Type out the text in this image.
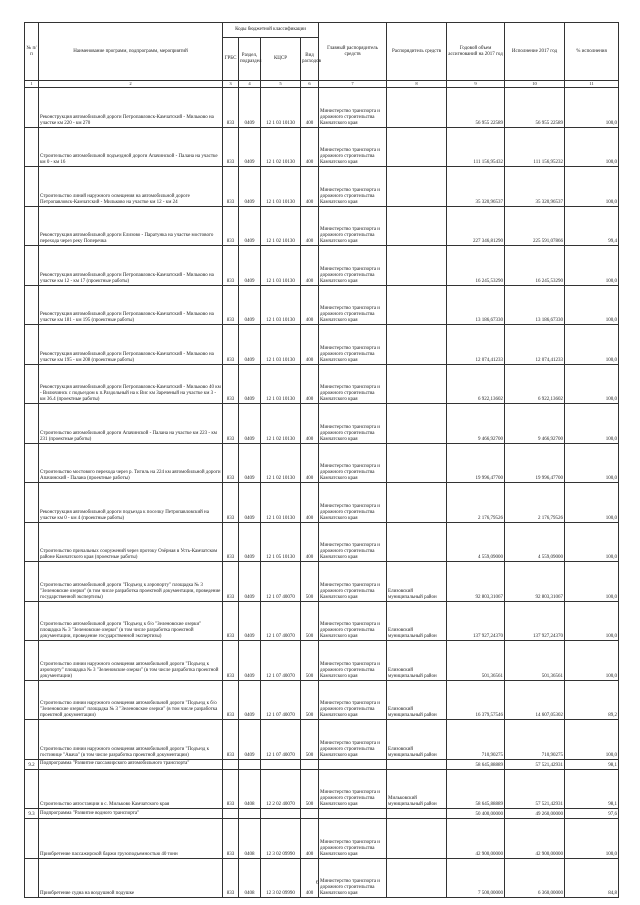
№ п/п	Наименование программ, подпрограмм, мероприятий	Коды бюджетной классификации				Главный распорядитель средств	Распорядитель средств	Годовой объем ассигнований на 2017 год	Исполнение 2017 год	% исполнения
		ГРБС	Раздел, подраздел	КЦСР	Вид расходов					
1	2	3	4	5	6	7	8	9	10	11
	Реконструкция автомобильной дороги Петропавловск-Камчатский - Мильково на участке км 220 - км 270	833	0409	12 1 03 10130	400	Министерство транспорта и дорожного строительства Камчатского края		56 955 22589	56 955 22589	100,0
	Строительство автомобильной подъездной дороги Апачинской - Палана на участке км 0 - км 16	833	0409	12 1 02 10130	400	Министерство транспорта и дорожного строительства Камчатского края		111 156,95432	111 156,95232	100,0
	Строительство линий наружного освещения на автомобильной дороге Петропавловск-Камчатский - Мильково на участке км 12 - км 24	833	0409	12 1 03 10130	400	Министерство транспорта и дорожного строительства Камчатского края		35 320,96537	35 320,96537	100,0
	Реконструкция автомобильной дороги Елизово - Паратунка на участке мостового перехода через реку Поперечка	833	0409	12 1 02 10130	400	Министерство транспорта и дорожного строительства Камчатского края		227 346,81290	225 591,07866	99,4
	Реконструкция автомобильной дороги Петропавловск-Камчатский - Мильково на участке км 12 - км 17 (проектные работы)	833	0409	12 1 03 10130	400	Министерство транспорта и дорожного строительства Камчатского края		16 245,53290	16 245,53290	100,0
	Реконструкция автомобильной дороги Петропавловск-Камчатский - Мильково на участке км 181 - км 195 (проектные работы)	833	0409	12 1 03 10130	400	Министерство транспорта и дорожного строительства Камчатского края		13 186,67330	13 186,67330	100,0
	Реконструкция автомобильной дороги Петропавловск-Камчатский - Мильково на участке км 195 - км 208 (проектные работы)	833	0409	12 1 03 10130	400	Министерство транспорта и дорожного строительства Камчатского края		12 074,41233	12 074,41233	100,0
	Реконструкция автомобильной дороги Петропавловск-Камчатский - Мильково 40 км - Вилючинск с подъездом к п.Раздольный на к Вис км Зареченый на участке км 3 - км 36.4 (проектные работы)	833	0409	12 1 03 10130	400	Министерство транспорта и дорожного строительства Камчатского края		6 922,13602	6 922,13602	100,0
	Строительство автомобильной дороги Апачинской - Палана на участке км 223 - км 231 (проектные работы)	833	0409	12 1 02 10130	400	Министерство транспорта и дорожного строительства Камчатского края		9 466,92700	9 466,92700	100,0
	Строительство мостового перехода через р. Тигиль на 224 км автомобильной дороги Апачинский - Палана (проектные работы)	833	0409	12 1 02 10130	400	Министерство транспорта и дорожного строительства Камчатского края		19 996,47700	19 996,47700	100,0
	Реконструкция автомобильной дороги подъезда к поселку Петропавловский на участке км 0 - км 4 (проектные работы)	833	0409	12 1 03 10130	400	Министерство транспорта и дорожного строительства Камчатского края		2 176,79526	2 176,79526	100,0
	Строительство причальных сооружений через протоку Озёрная в Усть-Камчатском районе Камчатского края (проектные работы)	833	0409	12 1 05 10130	400	Министерство транспорта и дорожного строительства Камчатского края		4 559,09000	4 559,09000	100,0
	Строительство автомобильной дороги "Подъезд к аэропорту" площадка № 3 "Зеленовские озерки" (в том числе разработка проектной документации, проведение государственной экспертизы)	833	0409	12 1 07 40070	500	Министерство транспорта и дорожного строительства Камчатского края	Елизовский муниципальный район	92 803,31067	92 803,31067	100,0
	Строительство автомобильной дороги "Подъезд к б/о "Зеленовские озерки" площадка № 3 "Зеленовские озерки" (в том числе разработка проектной документации, проведение государственной экспертизы)	833	0409	12 1 07 40070	500	Министерство транспорта и дорожного строительства Камчатского края	Елизовский муниципальный район	137 927,24370	137 927,24370	100,0
	Строительство линии наружного освещения автомобильной дороги "Подъезд к аэропорту" площадка № 3 "Зеленовские озерки" (в том числе разработка проектной документации)	833	0409	12 1 07 40070	500	Министерство транспорта и дорожного строительства Камчатского края	Елизовский муниципальный район	501,36561	501,36561	100,0
	Строительство линии наружного освещения автомобильной дороги "Подъезд к б/о "Зеленовские озерки" площадка № 3 "Зеленовские озерки" (в том числе разработка проектной документации)	833	0409	12 1 07 40070	500	Министерство транспорта и дорожного строительства Камчатского края	Елизовский муниципальный район	16 379,57546	14 607,05302	89,2
	Строительство линии наружного освещения автомобильной дороги "Подъезд к гостинице "Авача" (в том числе разработка проектной документации)	833	0409	12 1 07 40070	500	Министерство транспорта и дорожного строительства Камчатского края	Елизовский муниципальный район	710,90275	710,90275	100,0
9.2	Подпрограмма "Развитие пассажирского автомобильного транспорта"							58 645,88889	57 521,42931	98,1
	Строительство автостанции в с. Мильково Камчатского края	833	0408	12 2 02 40070	500	Министерство транспорта и дорожного строительства Камчатского края	Мильковский муниципальный район	58 645,88889	57 521,42931	98,1
9.3	Подпрограмма "Развитие водного транспорта"							50 400,00000	49 260,00000	97,6
	Приобретение пассажирской баржи грузоподъемностью 40 тонн	833	0408	12 3 02 09990	400	Министерство транспорта и дорожного строительства Камчатского края		42 900,00000	42 900,00000	100,0
	Приобретение судна на воздушной подушке	833	0408	12 3 02 09990	400	Министерство транспорта и дорожного строительства Камчатского края		7 500,00000	6 360,00000	84,8
6
